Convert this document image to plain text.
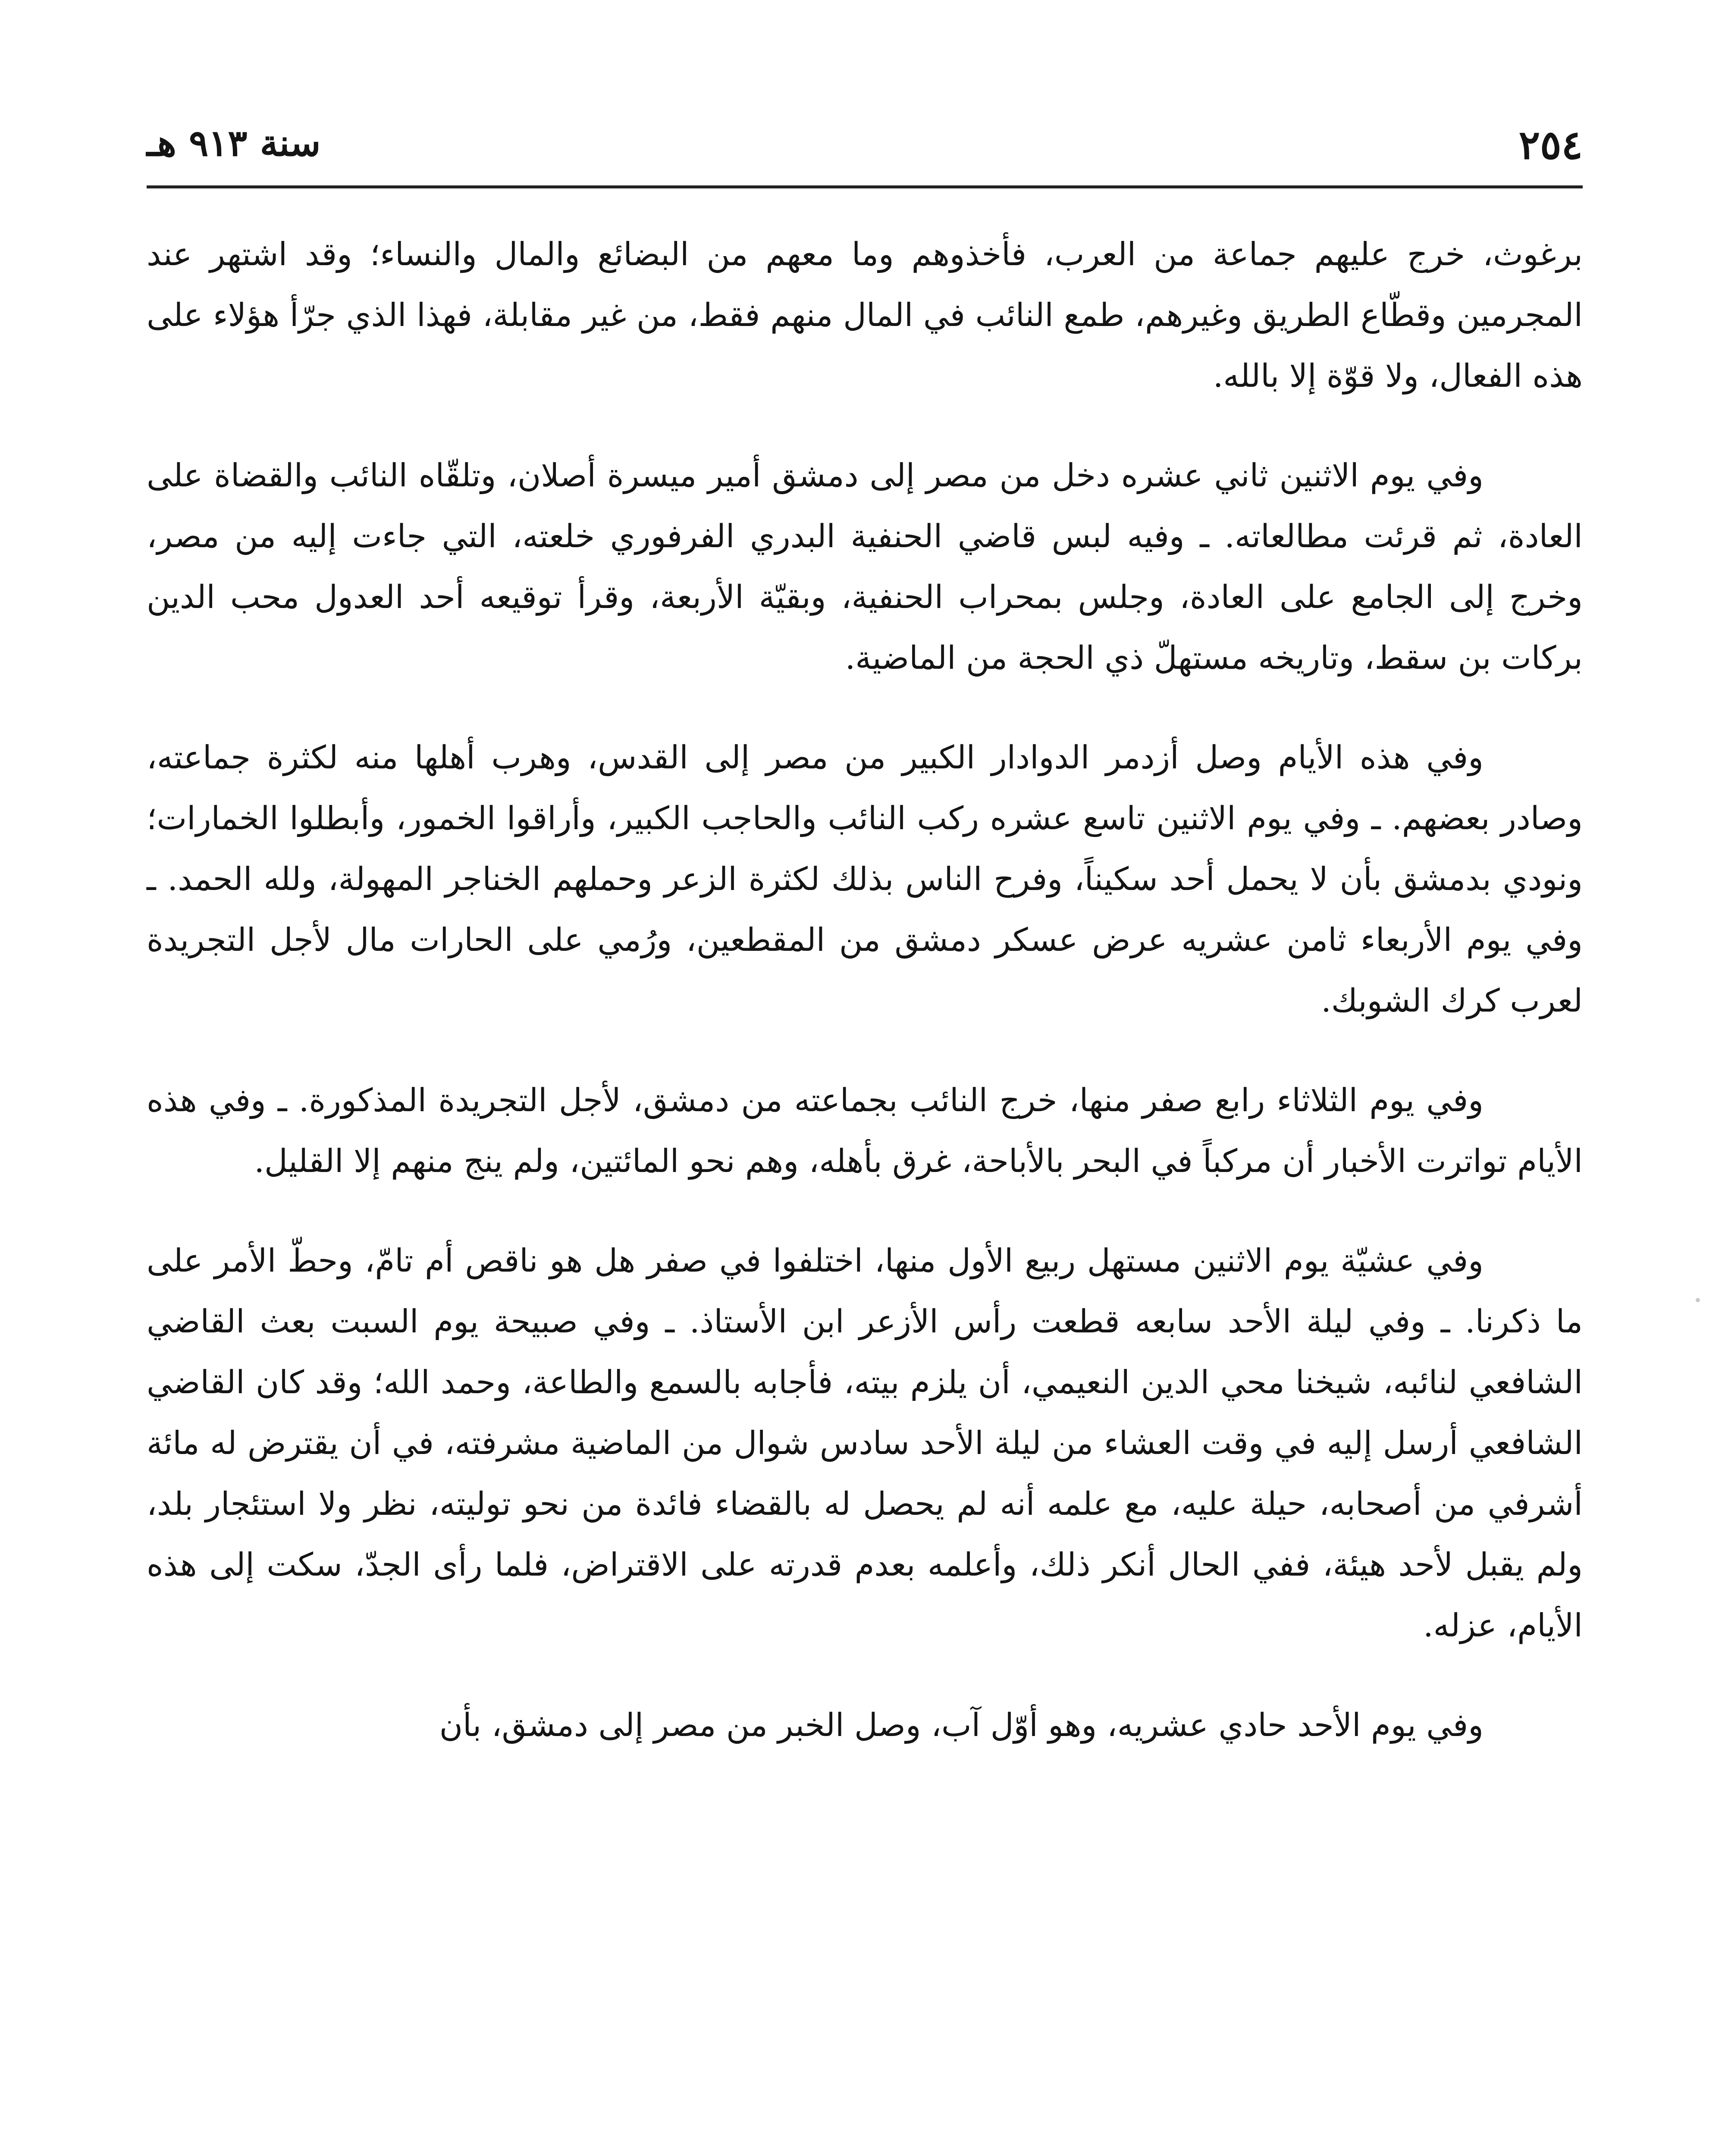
٢٥٤
سنة ٩١٣ هـ

برغوث، خرج عليهم جماعة من العرب، فأخذوهم وما معهم من البضائع والمال والنساء؛ وقد اشتهر عند المجرمين وقطّاع الطريق وغيرهم، طمع النائب في المال منهم فقط، من غير مقابلة، فهذا الذي جرّأ هؤلاء على هذه الفعال، ولا قوّة إلا بالله.

وفي يوم الاثنين ثاني عشره دخل من مصر إلى دمشق أمير ميسرة أصلان، وتلقّاه النائب والقضاة على العادة، ثم قرئت مطالعاته. ـ وفيه لبس قاضي الحنفية البدري الفرفوري خلعته، التي جاءت إليه من مصر، وخرج إلى الجامع على العادة، وجلس بمحراب الحنفية، وبقيّة الأربعة، وقرأ توقيعه أحد العدول محب الدين بركات بن سقط، وتاريخه مستهلّ ذي الحجة من الماضية.

وفي هذه الأيام وصل أزدمر الدوادار الكبير من مصر إلى القدس، وهرب أهلها منه لكثرة جماعته، وصادر بعضهم. ـ وفي يوم الاثنين تاسع عشره ركب النائب والحاجب الكبير، وأراقوا الخمور، وأبطلوا الخمارات؛ ونودي بدمشق بأن لا يحمل أحد سكيناً، وفرح الناس بذلك لكثرة الزعر وحملهم الخناجر المهولة، ولله الحمد. ـ وفي يوم الأربعاء ثامن عشريه عرض عسكر دمشق من المقطعين، ورُمي على الحارات مال لأجل التجريدة لعرب كرك الشوبك.

وفي يوم الثلاثاء رابع صفر منها، خرج النائب بجماعته من دمشق، لأجل التجريدة المذكورة. ـ وفي هذه الأيام تواترت الأخبار أن مركباً في البحر بالأباحة، غرق بأهله، وهم نحو المائتين، ولم ينج منهم إلا القليل.

وفي عشيّة يوم الاثنين مستهل ربيع الأول منها، اختلفوا في صفر هل هو ناقص أم تامّ، وحطّ الأمر على ما ذكرنا. ـ وفي ليلة الأحد سابعه قطعت رأس الأزعر ابن الأستاذ. ـ وفي صبيحة يوم السبت بعث القاضي الشافعي لنائبه، شيخنا محي الدين النعيمي، أن يلزم بيته، فأجابه بالسمع والطاعة، وحمد الله؛ وقد كان القاضي الشافعي أرسل إليه في وقت العشاء من ليلة الأحد سادس شوال من الماضية مشرفته، في أن يقترض له مائة أشرفي من أصحابه، حيلة عليه، مع علمه أنه لم يحصل له بالقضاء فائدة من نحو توليته، نظر ولا استئجار بلد، ولم يقبل لأحد هيئة، ففي الحال أنكر ذلك، وأعلمه بعدم قدرته على الاقتراض، فلما رأى الجدّ، سكت إلى هذه الأيام، عزله.

وفي يوم الأحد حادي عشريه، وهو أوّل آب، وصل الخبر من مصر إلى دمشق، بأن
